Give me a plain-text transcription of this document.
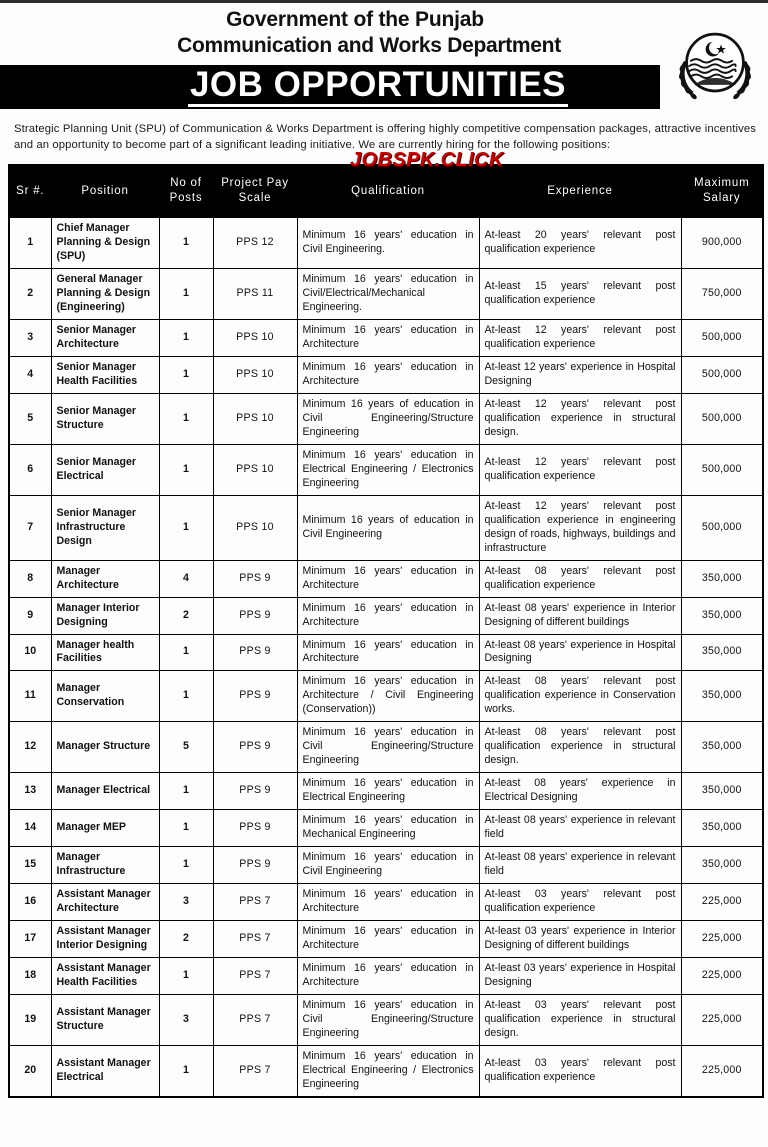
Government of the Punjab
Communication and Works Department
JOB OPPORTUNITIES
Strategic Planning Unit (SPU) of Communication & Works Department is offering highly competitive compensation packages, attractive incentives and an opportunity to become part of a significant leading initiative. We are currently hiring for the following positions:
JOBSPK.CLICK
Sr #.	Position	No of Posts	Project Pay Scale	Qualification	Experience	Maximum Salary
1	Chief Manager Planning & Design (SPU)	1	PPS 12	Minimum 16 years' education in Civil Engineering.	At-least 20 years' relevant post qualification experience	900,000
2	General Manager Planning & Design (Engineering)	1	PPS 11	Minimum 16 years' education in Civil/Electrical/Mechanical Engineering.	At-least 15 years' relevant post qualification experience	750,000
3	Senior Manager Architecture	1	PPS 10	Minimum 16 years' education in Architecture	At-least 12 years' relevant post qualification experience	500,000
4	Senior Manager Health Facilities	1	PPS 10	Minimum 16 years' education in Architecture	At-least 12 years' experience in Hospital Designing	500,000
5	Senior Manager Structure	1	PPS 10	Minimum 16 years of education in Civil Engineering/Structure Engineering	At-least 12 years' relevant post qualification experience in structural design.	500,000
6	Senior Manager Electrical	1	PPS 10	Minimum 16 years' education in Electrical Engineering / Electronics Engineering	At-least 12 years' relevant post qualification experience	500,000
7	Senior Manager Infrastructure Design	1	PPS 10	Minimum 16 years of education in Civil Engineering	At-least 12 years' relevant post qualification experience in engineering design of roads, highways, buildings and infrastructure	500,000
8	Manager Architecture	4	PPS 9	Minimum 16 years' education in Architecture	At-least 08 years' relevant post qualification experience	350,000
9	Manager Interior Designing	2	PPS 9	Minimum 16 years' education in Architecture	At-least 08 years' experience in Interior Designing of different buildings	350,000
10	Manager health Facilities	1	PPS 9	Minimum 16 years' education in Architecture	At-least 08 years' experience in Hospital Designing	350,000
11	Manager Conservation	1	PPS 9	Minimum 16 years' education in Architecture / Civil Engineering (Conservation))	At-least 08 years' relevant post qualification experience in Conservation works.	350,000
12	Manager Structure	5	PPS 9	Minimum 16 years' education in Civil Engineering/Structure Engineering	At-least 08 years' relevant post qualification experience in structural design.	350,000
13	Manager Electrical	1	PPS 9	Minimum 16 years' education in Electrical Engineering	At-least 08 years' experience in Electrical Designing	350,000
14	Manager MEP	1	PPS 9	Minimum 16 years' education in Mechanical Engineering	At-least 08 years' experience in relevant field	350,000
15	Manager Infrastructure	1	PPS 9	Minimum 16 years' education in Civil Engineering	At-least 08 years' experience in relevant field	350,000
16	Assistant Manager Architecture	3	PPS 7	Minimum 16 years' education in Architecture	At-least 03 years' relevant post qualification experience	225,000
17	Assistant Manager Interior Designing	2	PPS 7	Minimum 16 years' education in Architecture	At-least 03 years' experience in Interior Designing of different buildings	225,000
18	Assistant Manager Health Facilities	1	PPS 7	Minimum 16 years' education in Architecture	At-least 03 years' experience in Hospital Designing	225,000
19	Assistant Manager Structure	3	PPS 7	Minimum 16 years' education in Civil Engineering/Structure Engineering	At-least 03 years' relevant post qualification experience in structural design.	225,000
20	Assistant Manager Electrical	1	PPS 7	Minimum 16 years' education in Electrical Engineering / Electronics Engineering	At-least 03 years' relevant post qualification experience	225,000
